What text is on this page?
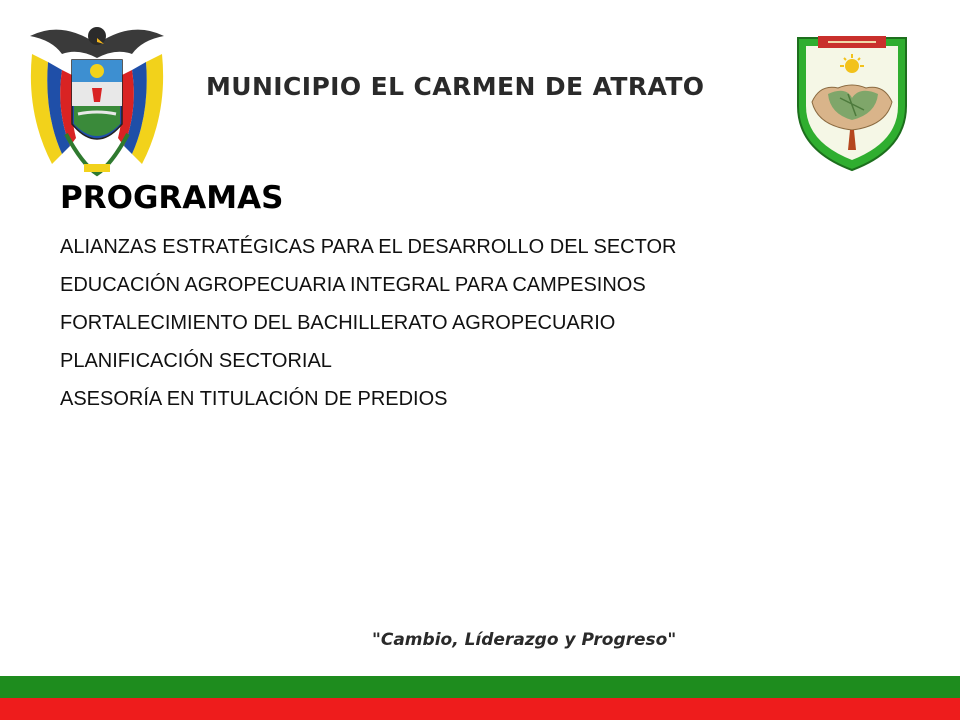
MUNICIPIO EL CARMEN DE ATRATO
PROGRAMAS
ALIANZAS ESTRATÉGICAS PARA EL DESARROLLO DEL SECTOR
EDUCACIÓN AGROPECUARIA INTEGRAL PARA CAMPESINOS
FORTALECIMIENTO DEL BACHILLERATO AGROPECUARIO
PLANIFICACIÓN SECTORIAL
ASESORÍA EN TITULACIÓN DE PREDIOS
"Cambio, Líderazgo y Progreso"
